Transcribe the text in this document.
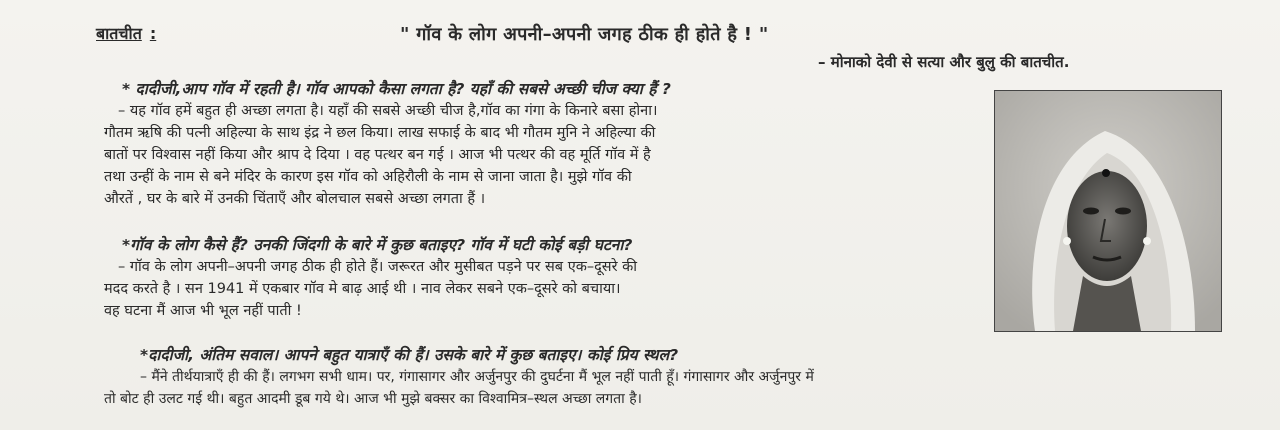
बातचीत :	" गॉव के लोग अपनी–अपनी जगह ठीक ही होते है ! "
– मोनाको देवी से सत्या और बुलु की बातचीत.
* दादीजी,आप गॉव में रहती है। गॉव आपको कैसा लगता है? यहाँ की सबसे अच्छी चीज क्या हैं ?
– यह गॉव हमें बहुत ही अच्छा लगता है। यहॉं की सबसे अच्छी चीज है,गॉव का गंगा के किनारे बसा होना।
गौतम ऋषि की पत्नी अहिल्या के साथ इंद्र ने छल किया। लाख सफाई के बाद भी गौतम मुनि ने अहिल्या की
बातों पर विश्वास नहीं किया और श्राप दे दिया । वह पत्थर बन गई । आज भी पत्थर की वह मूर्ति गॉव में है
तथा उन्हीं के नाम से बने मंदिर के कारण इस गॉव को अहिरौली के नाम से जाना जाता है। मुझे गॉव की
औरतें , घर के बारे में उनकी चिंताएँ और बोलचाल सबसे अच्छा लगता हैं ।
*गॉव के लोग कैसे हैं? उनकी जिंदगी के बारे में कुछ बताइए? गॉव में घटी कोई बड़ी घटना?
– गॉव के लोग अपनी–अपनी जगह ठीक ही होते हैं। जरूरत और मुसीबत पड़ने पर सब एक–दूसरे की
मदद करते है । सन 1941 में एकबार गॉव मे बाढ़ आई थी । नाव लेकर सबने एक–दूसरे को बचाया।
वह घटना मैं आज भी भूल नहीं पाती !
*दादीजी, अंतिम सवाल। आपने बहुत यात्राएँ की हैं। उसके बारे में कुछ बताइए। कोई प्रिय स्थल?
– मैंने तीर्थयात्राएँ ही की हैं। लगभग सभी धाम। पर, गंगासागर और अर्जुनपुर की दुघर्टना मैं भूल नहीं पाती हूँ। गंगासागर और अर्जुनपुर में
तो बोट ही उलट गई थी। बहुत आदमी डूब गये थे। आज भी मुझे बक्सर का विश्वामित्र–स्थल अच्छा लगता है।
